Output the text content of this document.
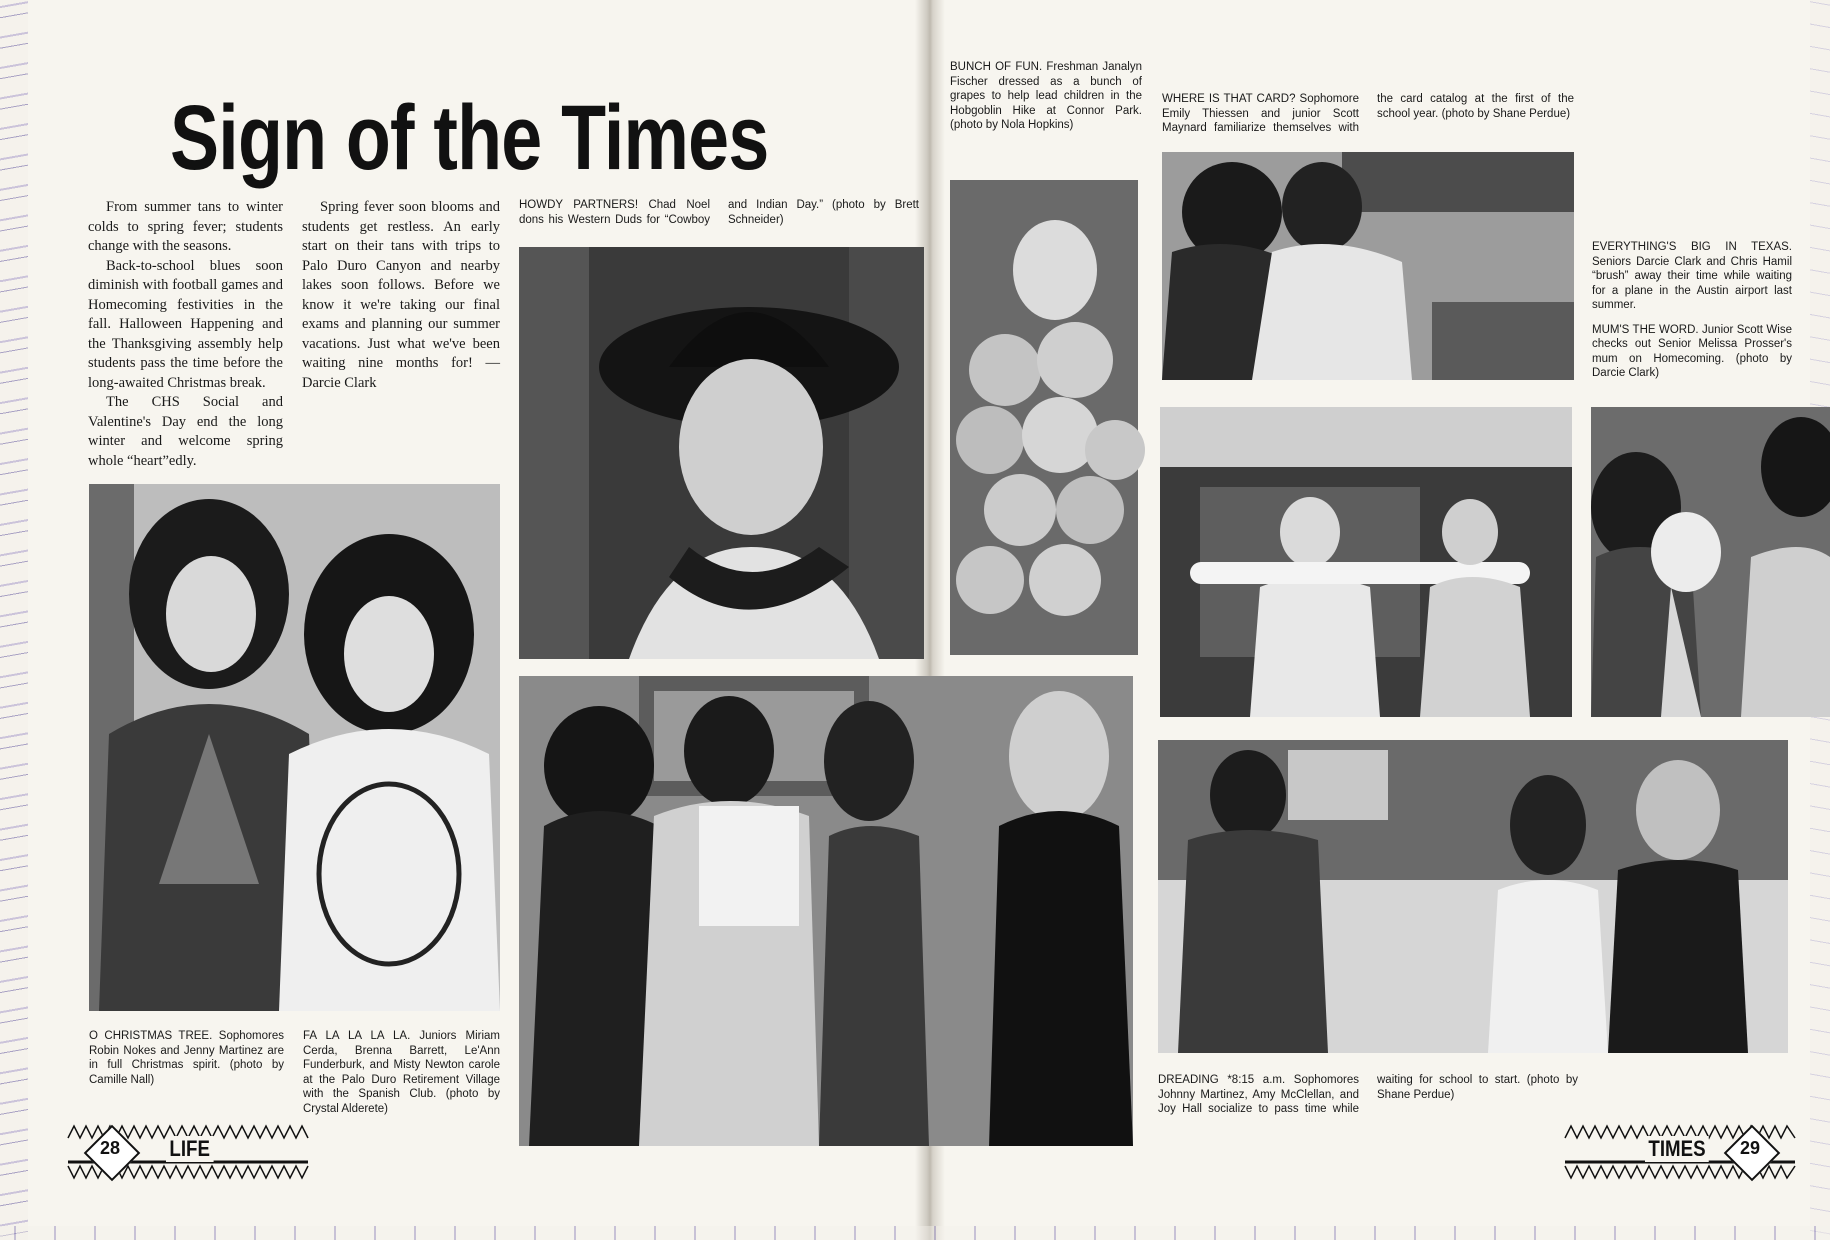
Sign of the Times

From summer tans to winter colds to spring fever; students change with the seasons.

Back-to-school blues soon diminish with football games and Homecoming festivities in the fall. Halloween Happening and the Thanksgiving assembly help students pass the time before the long-awaited Christmas break.

The CHS Social and Valentine's Day end the long winter and welcome spring whole “heart”edly.

Spring fever soon blooms and students get restless. An early start on their tans with trips to Palo Duro Canyon and nearby lakes soon follows. Before we know it we're taking our final exams and planning our summer vacations. Just what we've been waiting nine months for! — Darcie Clark

HOWDY PARTNERS! Chad Noel dons his Western Duds for “Cowboy and Indian Day.” (photo by Brett Schneider)

O CHRISTMAS TREE. Sophomores Robin Nokes and Jenny Martinez are in full Christmas spirit. (photo by Camille Nall)

FA LA LA LA LA. Juniors Miriam Cerda, Brenna Barrett, Le'Ann Funderburk, and Misty Newton carole at the Palo Duro Retirement Village with the Spanish Club. (photo by Crystal Alderete)

BUNCH OF FUN. Freshman Janalyn Fischer dressed as a bunch of grapes to help lead children in the Hobgoblin Hike at Connor Park. (photo by Nola Hopkins)

WHERE IS THAT CARD? Sophomore Emily Thiessen and junior Scott Maynard familiarize themselves with the card catalog at the first of the school year. (photo by Shane Perdue)

EVERYTHING'S BIG IN TEXAS. Seniors Darcie Clark and Chris Hamil “brush” away their time while waiting for a plane in the Austin airport last summer.

MUM'S THE WORD. Junior Scott Wise checks out Senior Melissa Prosser's mum on Homecoming. (photo by Darcie Clark)

DREADING *8:15 a.m. Sophomores Johnny Martinez, Amy McClellan, and Joy Hall socialize to pass time while waiting for school to start. (photo by Shane Perdue)

28	LIFE	TIMES	29
